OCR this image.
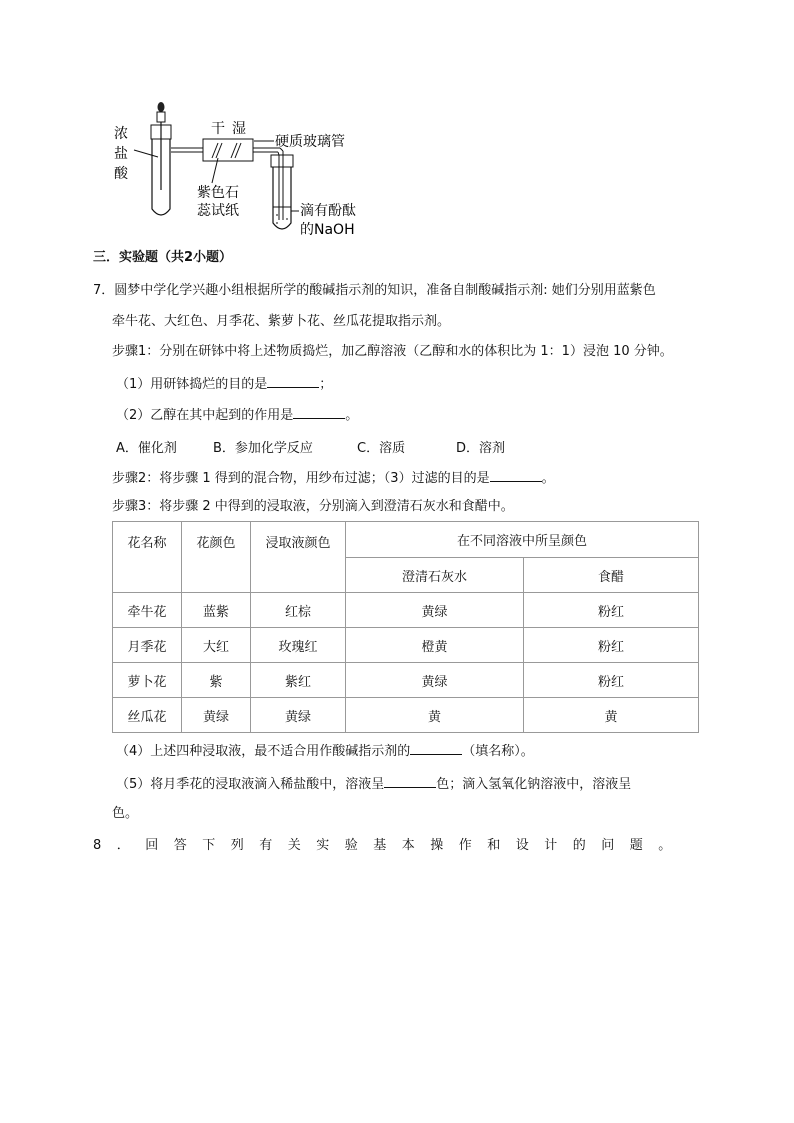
浓
盐
酸
干 湿
硬质玻璃管
紫色石
蕊试纸	滴有酚酞
的NaOH
三．实验题（共2小题）
7．圆梦中学化学兴趣小组根据所学的酸碱指示剂的知识，准备自制酸碱指示剂: 她们分别用蓝紫色
牵牛花、大红色、月季花、紫萝卜花、丝瓜花提取指示剂。
步骤1：分别在研钵中将上述物质捣烂，加乙醇溶液（乙醇和水的体积比为 1：1）浸泡 10 分钟。
（1）用研钵捣烂的目的是	；
（2）乙醇在其中起到的作用是	。
A．催化剂	B．参加化学反应	C．溶质	D．溶剂
步骤2：将步骤 1 得到的混合物，用纱布过滤；（3）过滤的目的是	。
步骤3：将步骤 2 中得到的浸取液，分别滴入到澄清石灰水和食醋中。
花名称	花颜色	浸取液颜色	在不同溶液中所呈颜色	
			澄清石灰水	食醋
牵牛花	蓝紫	红棕	黄绿	粉红
月季花	大红	玫瑰红	橙黄	粉红
萝卜花	紫	紫红	黄绿	粉红
丝瓜花	黄绿	黄绿	黄	黄
（4）上述四种浸取液，最不适合用作酸碱指示剂的	（填名称）。
（5）将月季花的浸取液滴入稀盐酸中，溶液呈	色；滴入氢氧化钠溶液中，溶液呈
色。
8．回答下列有关实验基本操作和设计的问题。
